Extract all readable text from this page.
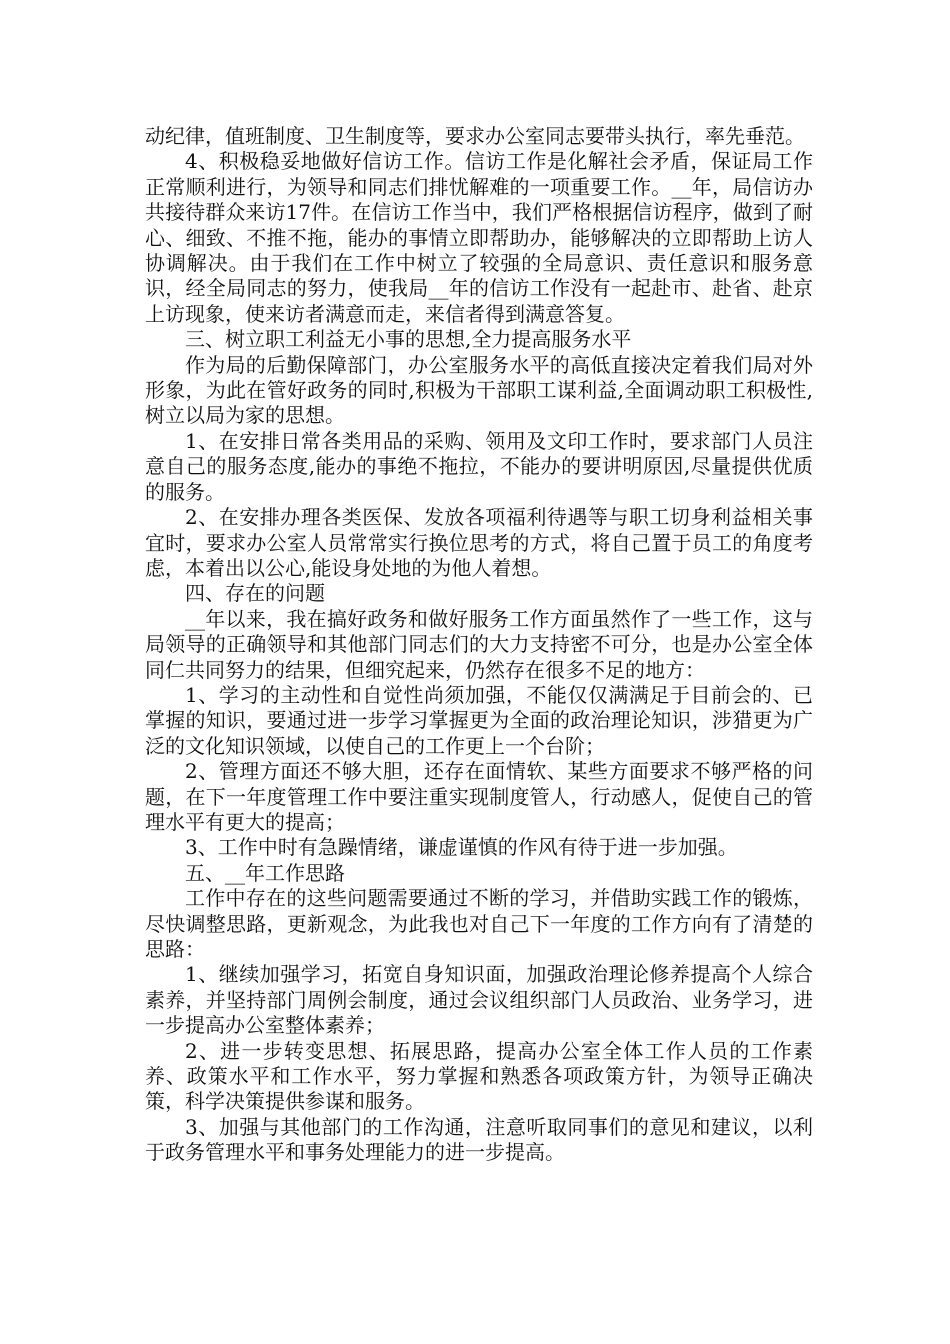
动纪律，值班制度、卫生制度等，要求办公室同志要带头执行，率先垂范。

4、积极稳妥地做好信访工作。信访工作是化解社会矛盾，保证局工作正常顺利进行，为领导和同志们排忧解难的一项重要工作。__年，局信访办共接待群众来访17件。在信访工作当中，我们严格根据信访程序，做到了耐心、细致、不推不拖，能办的事情立即帮助办，能够解决的立即帮助上访人协调解决。由于我们在工作中树立了较强的全局意识、责任意识和服务意识，经全局同志的努力，使我局__年的信访工作没有一起赴市、赴省、赴京上访现象，使来访者满意而走，来信者得到满意答复。

三、树立职工利益无小事的思想,全力提高服务水平

作为局的后勤保障部门，办公室服务水平的高低直接决定着我们局对外形象，为此在管好政务的同时,积极为干部职工谋利益,全面调动职工积极性,树立以局为家的思想。

1、在安排日常各类用品的采购、领用及文印工作时，要求部门人员注意自己的服务态度,能办的事绝不拖拉，不能办的要讲明原因,尽量提供优质的服务。

2、在安排办理各类医保、发放各项福利待遇等与职工切身利益相关事宜时，要求办公室人员常常实行换位思考的方式，将自己置于员工的角度考虑，本着出以公心,能设身处地的为他人着想。

四、存在的问题

__年以来，我在搞好政务和做好服务工作方面虽然作了一些工作，这与局领导的正确领导和其他部门同志们的大力支持密不可分，也是办公室全体同仁共同努力的结果，但细究起来，仍然存在很多不足的地方：

1、学习的主动性和自觉性尚须加强，不能仅仅满满足于目前会的、已掌握的知识，要通过进一步学习掌握更为全面的政治理论知识，涉猎更为广泛的文化知识领域，以使自己的工作更上一个台阶；

2、管理方面还不够大胆，还存在面情软、某些方面要求不够严格的问题，在下一年度管理工作中要注重实现制度管人，行动感人，促使自己的管理水平有更大的提高；

3、工作中时有急躁情绪，谦虚谨慎的作风有待于进一步加强。

五、__年工作思路

工作中存在的这些问题需要通过不断的学习，并借助实践工作的锻炼，尽快调整思路，更新观念，为此我也对自己下一年度的工作方向有了清楚的思路：

1、继续加强学习，拓宽自身知识面，加强政治理论修养提高个人综合素养，并坚持部门周例会制度，通过会议组织部门人员政治、业务学习，进一步提高办公室整体素养；

2、进一步转变思想、拓展思路，提高办公室全体工作人员的工作素养、政策水平和工作水平，努力掌握和熟悉各项政策方针，为领导正确决策，科学决策提供参谋和服务。

3、加强与其他部门的工作沟通，注意听取同事们的意见和建议，以利于政务管理水平和事务处理能力的进一步提高。
